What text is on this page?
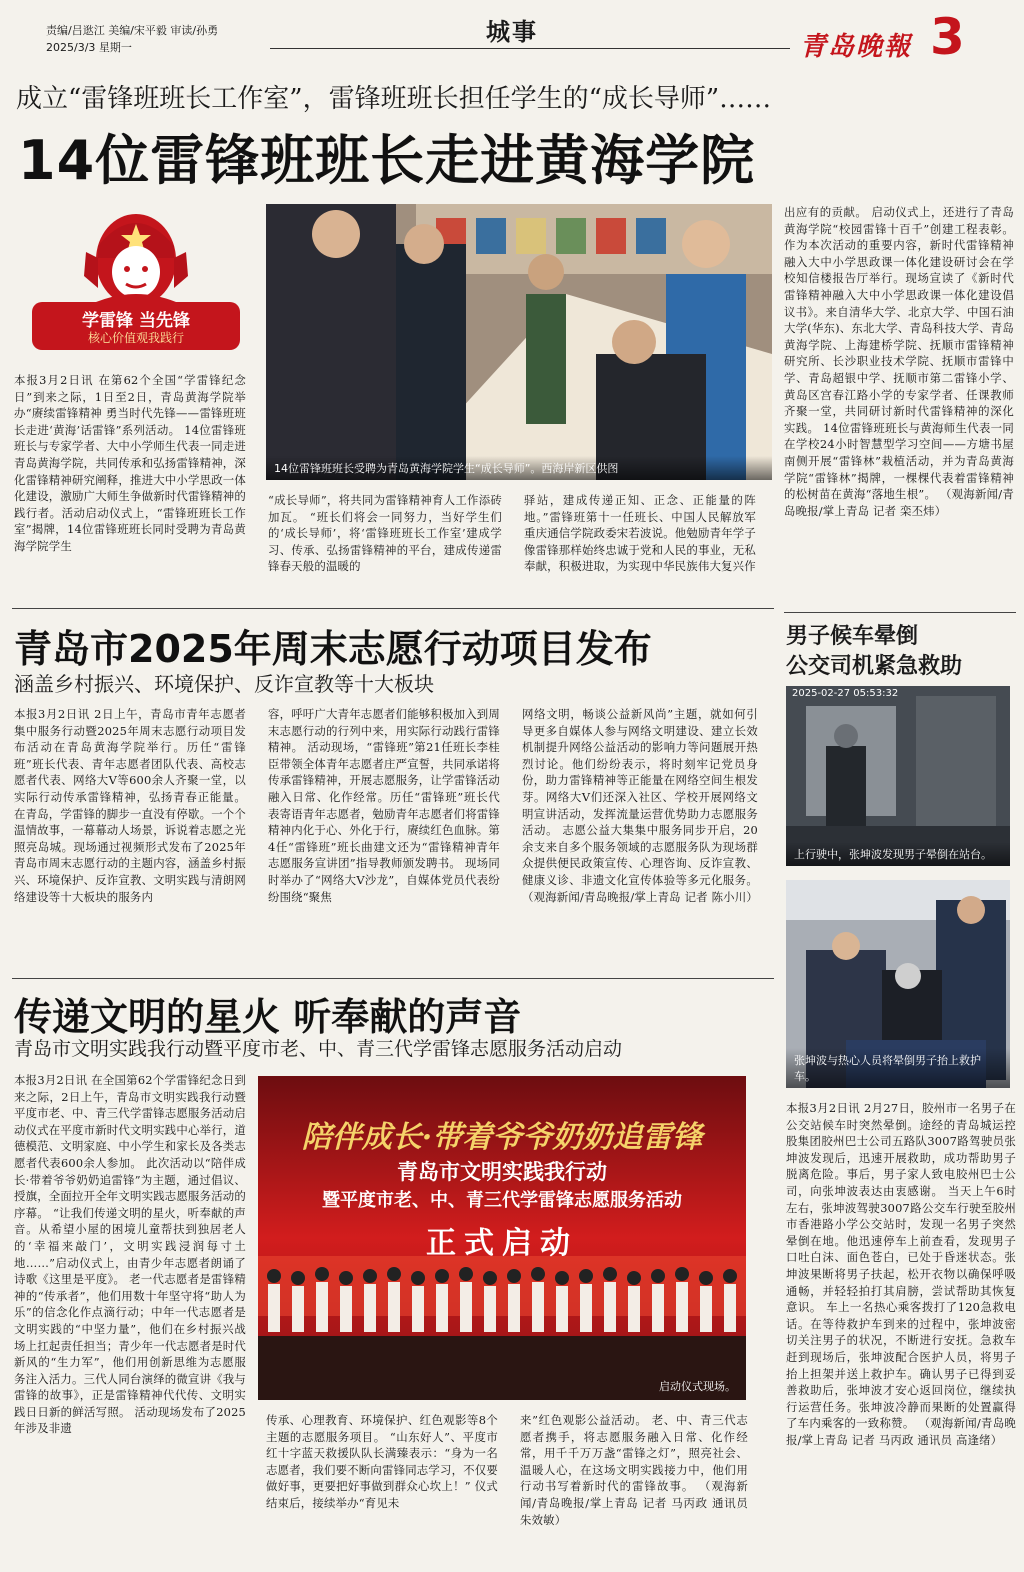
责编/吕逖江 美编/宋平毅 审读/孙勇
2025/3/3 星期一
城事
青岛晚報 3
成立“雷锋班班长工作室”，雷锋班班长担任学生的“成长导师”……
14位雷锋班班长走进黄海学院
学雷锋 当先锋
核心价值观我践行
14位雷锋班班长受聘为青岛黄海学院学生“成长导师”。西海岸新区供图
本报3月2日讯 在第62个全国“学雷锋纪念日”到来之际，1日至2日，青岛黄海学院举办“赓续雷锋精神 勇当时代先锋——雷锋班班长走进‘黄海’话雷锋”系列活动。 14位雷锋班班长与专家学者、大中小学师生代表一同走进青岛黄海学院，共同传承和弘扬雷锋精神，深化雷锋精神研究阐释，推进大中小学思政一体化建设，激励广大师生争做新时代雷锋精神的践行者。活动启动仪式上，“雷锋班班长工作室”揭牌，14位雷锋班班长同时受聘为青岛黄海学院学生
“成长导师”，将共同为雷锋精神育人工作添砖加瓦。 “班长们将会一同努力，当好学生们的‘成长导师’，将‘雷锋班班长工作室’建成学习、传承、弘扬雷锋精神的平台，建成传递雷锋春天般的温暖的
驿站，建成传递正知、正念、正能量的阵地。”雷锋班第十一任班长、中国人民解放军重庆通信学院政委宋若波说。他勉励青年学子像雷锋那样始终忠诚于党和人民的事业，无私奉献，积极进取，为实现中华民族伟大复兴作
出应有的贡献。 启动仪式上，还进行了青岛黄海学院“校园雷锋十百千”创建工程表彰。 作为本次活动的重要内容，新时代雷锋精神融入大中小学思政课一体化建设研讨会在学校知信楼报告厅举行。现场宣读了《新时代雷锋精神融入大中小学思政课一体化建设倡议书》。来自清华大学、北京大学、中国石油大学(华东)、东北大学、青岛科技大学、青岛黄海学院、上海建桥学院、抚顺市雷锋精神研究所、长沙职业技术学院、抚顺市雷锋中学、青岛超银中学、抚顺市第二雷锋小学、黄岛区宫春江路小学的专家学者、任课教师齐聚一堂，共同研讨新时代雷锋精神的深化实践。 14位雷锋班班长与黄海师生代表一同在学校24小时智慧型学习空间——方塘书屋南侧开展“雷锋林”栽植活动，并为青岛黄海学院“雷锋林”揭牌，一棵棵代表着雷锋精神的松树苗在黄海“落地生根”。 （观海新闻/青岛晚报/掌上青岛 记者 栾丕炜）
青岛市2025年周末志愿行动项目发布
涵盖乡村振兴、环境保护、反诈宣教等十大板块
本报3月2日讯 2日上午，青岛市青年志愿者集中服务行动暨2025年周末志愿行动项目发布活动在青岛黄海学院举行。历任“雷锋班”班长代表、青年志愿者团队代表、高校志愿者代表、网络大V等600余人齐聚一堂，以实际行动传承雷锋精神，弘扬青春正能量。 在青岛，学雷锋的脚步一直没有停歇。一个个温情故事，一幕幕动人场景，诉说着志愿之光照亮岛城。现场通过视频形式发布了2025年青岛市周末志愿行动的主题内容，涵盖乡村振兴、环境保护、反诈宣教、文明实践与清朗网络建设等十大板块的服务内
容，呼吁广大青年志愿者们能够积极加入到周末志愿行动的行列中来，用实际行动践行雷锋精神。 活动现场，“雷锋班”第21任班长李桂臣带领全体青年志愿者庄严宣誓，共同承诺将传承雷锋精神，开展志愿服务，让学雷锋活动融入日常、化作经常。历任“雷锋班”班长代表寄语青年志愿者，勉励青年志愿者们将雷锋精神内化于心、外化于行，赓续红色血脉。第4任“雷锋班”班长曲建文还为“雷锋精神青年志愿服务宣讲团”指导教师颁发聘书。 现场同时举办了“网络大V沙龙”，自媒体党员代表纷纷围绕“聚焦
网络文明，畅谈公益新风尚”主题，就如何引导更多自媒体人参与网络文明建设、建立长效机制提升网络公益活动的影响力等问题展开热烈讨论。他们纷纷表示，将时刻牢记党员身份，助力雷锋精神等正能量在网络空间生根发芽。网络大V们还深入社区、学校开展网络文明宣讲活动，发挥流量运营优势助力志愿服务活动。 志愿公益大集集中服务同步开启，20余支来自多个服务领域的志愿服务队为现场群众提供便民政策宣传、心理咨询、反诈宣教、健康义诊、非遗文化宣传体验等多元化服务。 （观海新闻/青岛晚报/掌上青岛 记者 陈小川）
传递文明的星火 听奉献的声音
青岛市文明实践我行动暨平度市老、中、青三代学雷锋志愿服务活动启动
陪伴成长·带着爷爷奶奶追雷锋
青岛市文明实践我行动
暨平度市老、中、青三代学雷锋志愿服务活动
正式启动
启动仪式现场。
本报3月2日讯 在全国第62个学雷锋纪念日到来之际，2日上午，青岛市文明实践我行动暨平度市老、中、青三代学雷锋志愿服务活动启动仪式在平度市新时代文明实践中心举行，道德模范、文明家庭、中小学生和家长及各类志愿者代表600余人参加。 此次活动以“陪伴成长·带着爷爷奶奶追雷锋”为主题，通过倡议、授旗，全面拉开全年文明实践志愿服务活动的序幕。 “让我们传递文明的星火，听奉献的声音。从希望小屋的困境儿童帮扶到独居老人的‘幸福来敲门’，文明实践浸润每寸土地……”启动仪式上，由青少年志愿者朗诵了诗歌《这里是平度》。 老一代志愿者是雷锋精神的“传承者”，他们用数十年坚守将“助人为乐”的信念化作点滴行动；中年一代志愿者是文明实践的“中坚力量”，他们在乡村振兴战场上扛起责任担当；青少年一代志愿者是时代新风的“生力军”，他们用创新思维为志愿服务注入活力。三代人同台演绎的微宣讲《我与雷锋的故事》，正是雷锋精神代代传、文明实践日日新的鲜活写照。 活动现场发布了2025年涉及非遗
传承、心理教育、环境保护、红色观影等8个主题的志愿服务项目。 “山东好人”、平度市红十字蓝天救援队队长满臻表示：“身为一名志愿者，我们要不断向雷锋同志学习，不仅要做好事，更要把好事做到群众心坎上！” 仪式结束后，接续举办“育见未
来”红色观影公益活动。 老、中、青三代志愿者携手，将志愿服务融入日常、化作经常，用千千万万盏“雷锋之灯”，照亮社会、温暖人心，在这场文明实践接力中，他们用行动书写着新时代的雷锋故事。 （观海新闻/青岛晚报/掌上青岛 记者 马丙政 通讯员 朱效敏）
男子候车晕倒
公交司机紧急救助
2025-02-27 05:53:32
上行驶中，张坤波发现男子晕倒在站台。
张坤波与热心人员将晕倒男子抬上救护车。
本报3月2日讯 2月27日，胶州市一名男子在公交站候车时突然晕倒。途经的青岛城运控股集团胶州巴士公司五路队3007路驾驶员张坤波发现后，迅速开展救助，成功帮助男子脱离危险。事后，男子家人致电胶州巴士公司，向张坤波表达由衷感谢。 当天上午6时左右，张坤波驾驶3007路公交车行驶至胶州市香港路小学公交站时，发现一名男子突然晕倒在地。他迅速停车上前查看，发现男子口吐白沫、面色苍白，已处于昏迷状态。张坤波果断将男子扶起，松开衣物以确保呼吸通畅，并轻轻拍打其肩膀，尝试帮助其恢复意识。 车上一名热心乘客拨打了120急救电话。在等待救护车到来的过程中，张坤波密切关注男子的状况，不断进行安抚。急救车赶到现场后，张坤波配合医护人员，将男子抬上担架并送上救护车。确认男子已得到妥善救助后，张坤波才安心返回岗位，继续执行运营任务。张坤波冷静而果断的处置赢得了车内乘客的一致称赞。 （观海新闻/青岛晚报/掌上青岛 记者 马丙政 通讯员 高逢绪）
